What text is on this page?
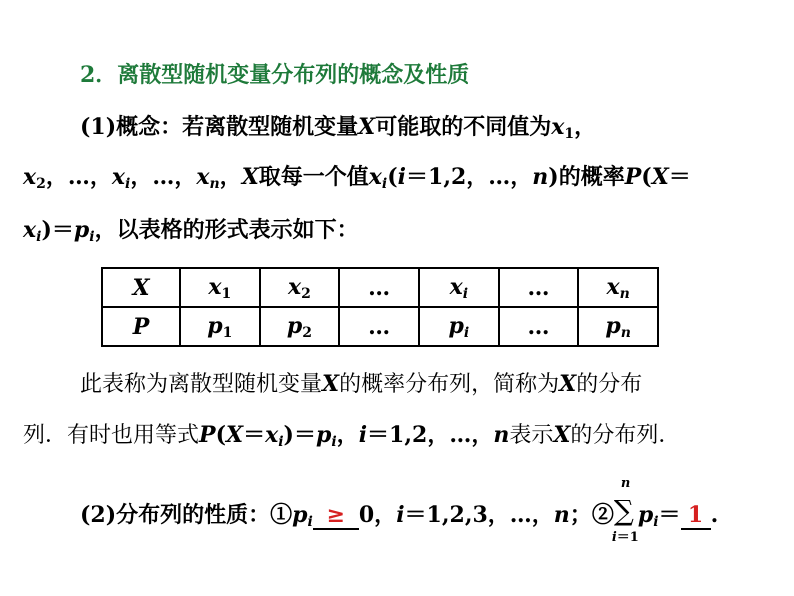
2．离散型随机变量分布列的概念及性质
(1)概念：若离散型随机变量X可能取的不同值为$x_1$，
$x_2$，…，$x_i$，…，$x_n$，X取每一个值$x_i(i=1,2$，…，n)的概率P(X＝
$x_i)=p_i$，以表格的形式表示如下：
X	$x_1$	$x_2$	…	$x_i$	…	$x_n$
P	$p_1$	$p_2$	…	$p_i$	…	$p_n$
此表称为离散型随机变量X的概率分布列，简称为X的分布
列．有时也用等式$P(X=x_i)=p_i$，i＝1,2，…，n表示X的分布列．
(2)分布列的性质：$①p_i \ge 0$，i＝1,2,3，…，n；②
n
∑
i＝1
$p_i= 1$ .
